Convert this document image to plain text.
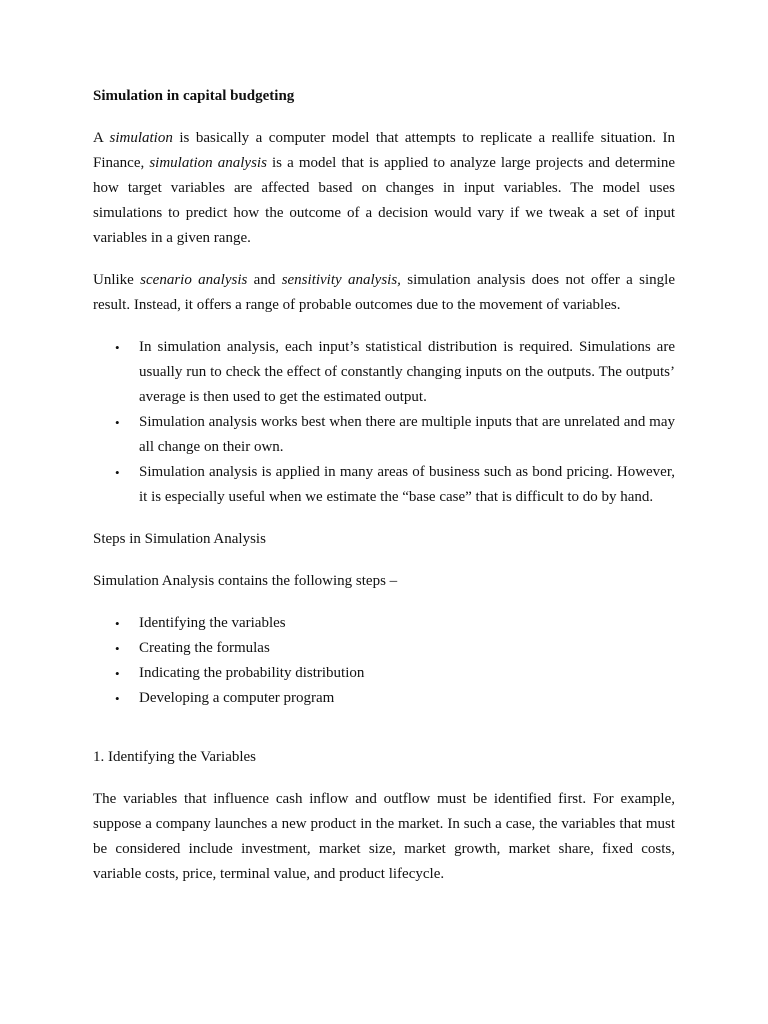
Simulation in capital budgeting

A simulation is basically a computer model that attempts to replicate a reallife situation. In Finance, simulation analysis is a model that is applied to analyze large projects and determine how target variables are affected based on changes in input variables. The model uses simulations to predict how the outcome of a decision would vary if we tweak a set of input variables in a given range.

Unlike scenario analysis and sensitivity analysis, simulation analysis does not offer a single result. Instead, it offers a range of probable outcomes due to the movement of variables.

• In simulation analysis, each input’s statistical distribution is required. Simulations are usually run to check the effect of constantly changing inputs on the outputs. The outputs’ average is then used to get the estimated output.
• Simulation analysis works best when there are multiple inputs that are unrelated and may all change on their own.
• Simulation analysis is applied in many areas of business such as bond pricing. However, it is especially useful when we estimate the “base case” that is difficult to do by hand.
Steps in Simulation Analysis
Simulation Analysis contains the following steps –
• Identifying the variables
• Creating the formulas
• Indicating the probability distribution
• Developing a computer program
1. Identifying the Variables

The variables that influence cash inflow and outflow must be identified first. For example, suppose a company launches a new product in the market. In such a case, the variables that must be considered include investment, market size, market growth, market share, fixed costs, variable costs, price, terminal value, and product lifecycle.
